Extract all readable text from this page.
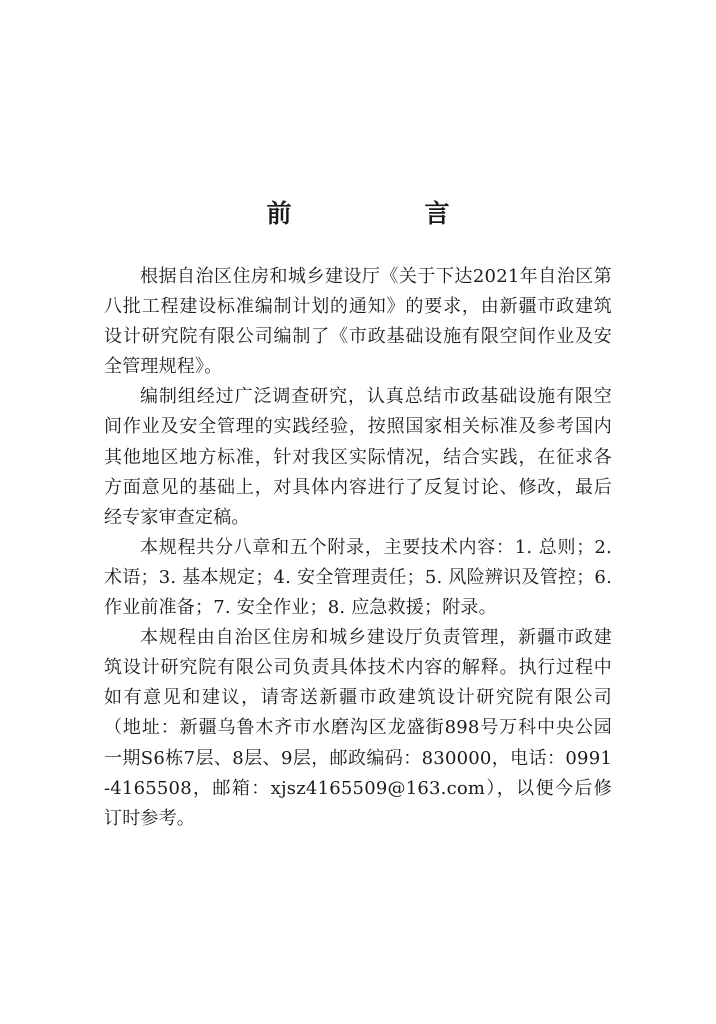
前　言

根据自治区住房和城乡建设厅《关于下达2021年自治区第八批工程建设标准编制计划的通知》的要求，由新疆市政建筑设计研究院有限公司编制了《市政基础设施有限空间作业及安全管理规程》。

编制组经过广泛调查研究，认真总结市政基础设施有限空间作业及安全管理的实践经验，按照国家相关标准及参考国内其他地区地方标准，针对我区实际情况，结合实践，在征求各方面意见的基础上，对具体内容进行了反复讨论、修改，最后经专家审查定稿。

本规程共分八章和五个附录，主要技术内容：1. 总则；2. 术语；3. 基本规定；4. 安全管理责任；5. 风险辨识及管控；6. 作业前准备；7. 安全作业；8. 应急救援；附录。

本规程由自治区住房和城乡建设厅负责管理，新疆市政建筑设计研究院有限公司负责具体技术内容的解释。执行过程中如有意见和建议，请寄送新疆市政建筑设计研究院有限公司（地址：新疆乌鲁木齐市水磨沟区龙盛街898号万科中央公园一期S6栋7层、8层、9层，邮政编码：830000，电话：0991-4165508，邮箱：xjsz4165509@163.com），以便今后修订时参考。
